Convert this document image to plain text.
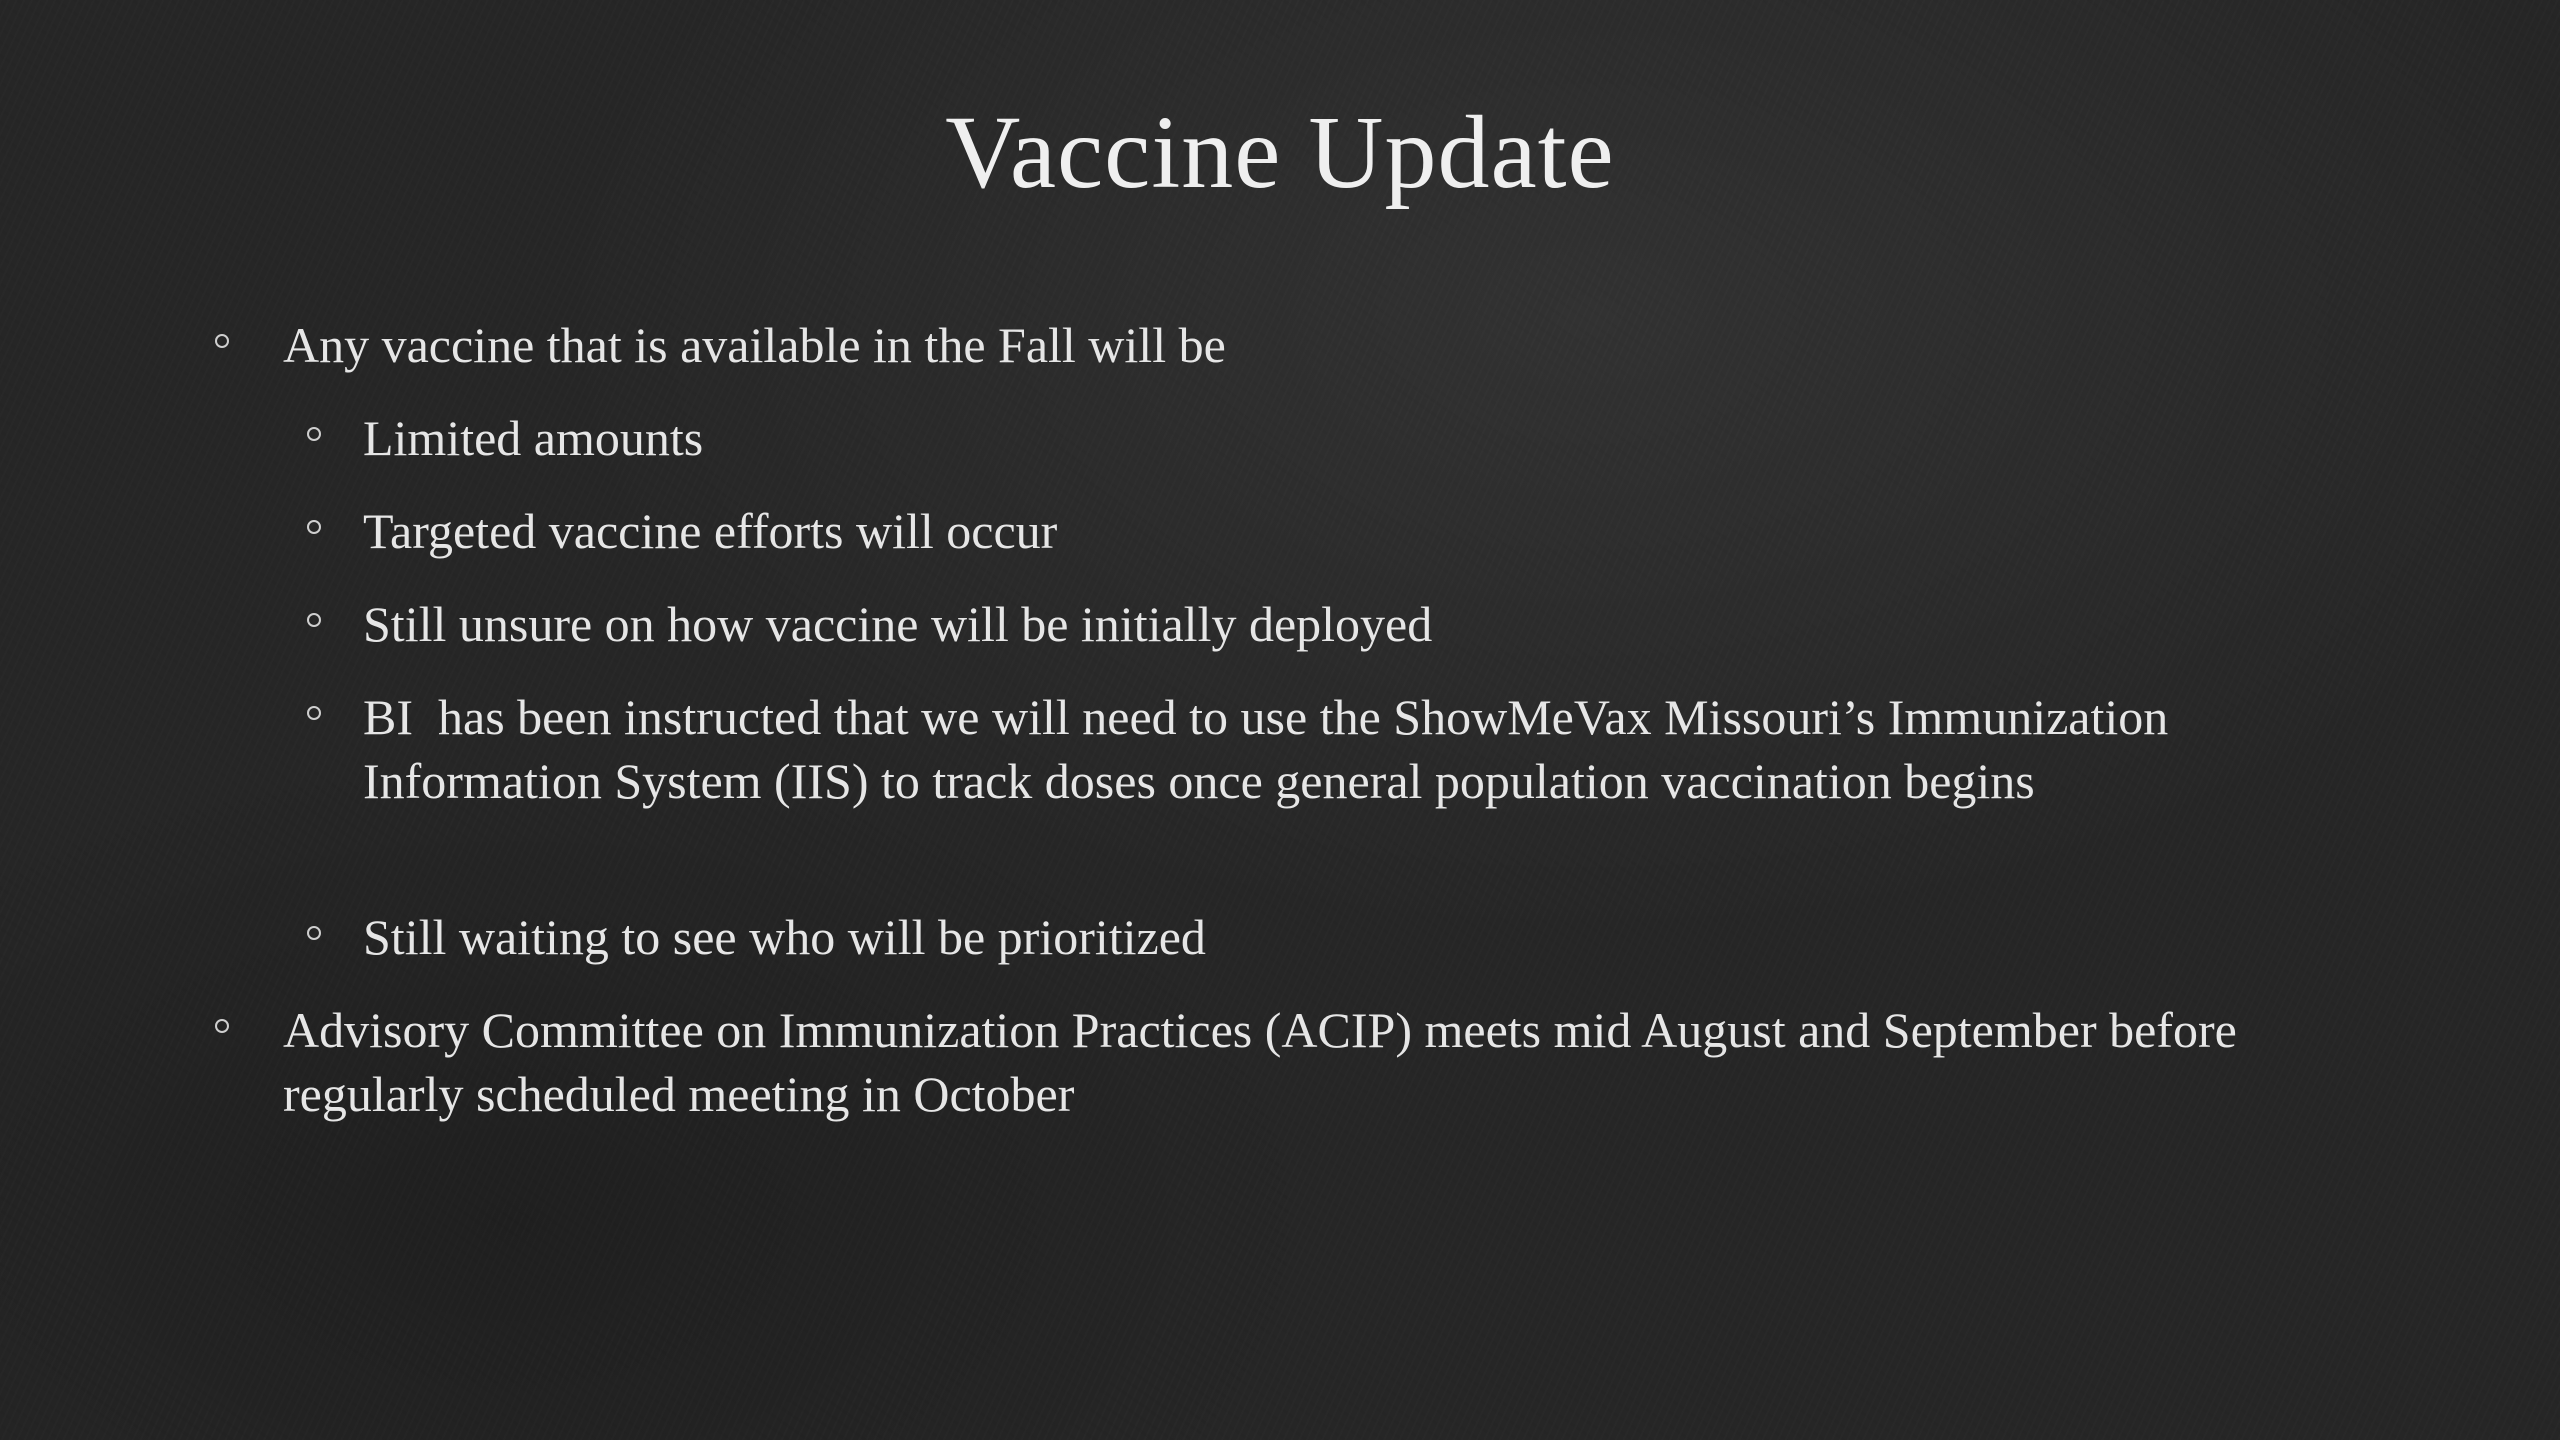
Vaccine Update
Any vaccine that is available in the Fall will be
Limited amounts
Targeted vaccine efforts will occur
Still unsure on how vaccine will be initially deployed
BI  has been instructed that we will need to use the ShowMeVax Missouri’s Immunization Information System (IIS) to track doses once general population vaccination begins
Still waiting to see who will be prioritized
Advisory Committee on Immunization Practices (ACIP) meets mid August and September before regularly scheduled meeting in October
